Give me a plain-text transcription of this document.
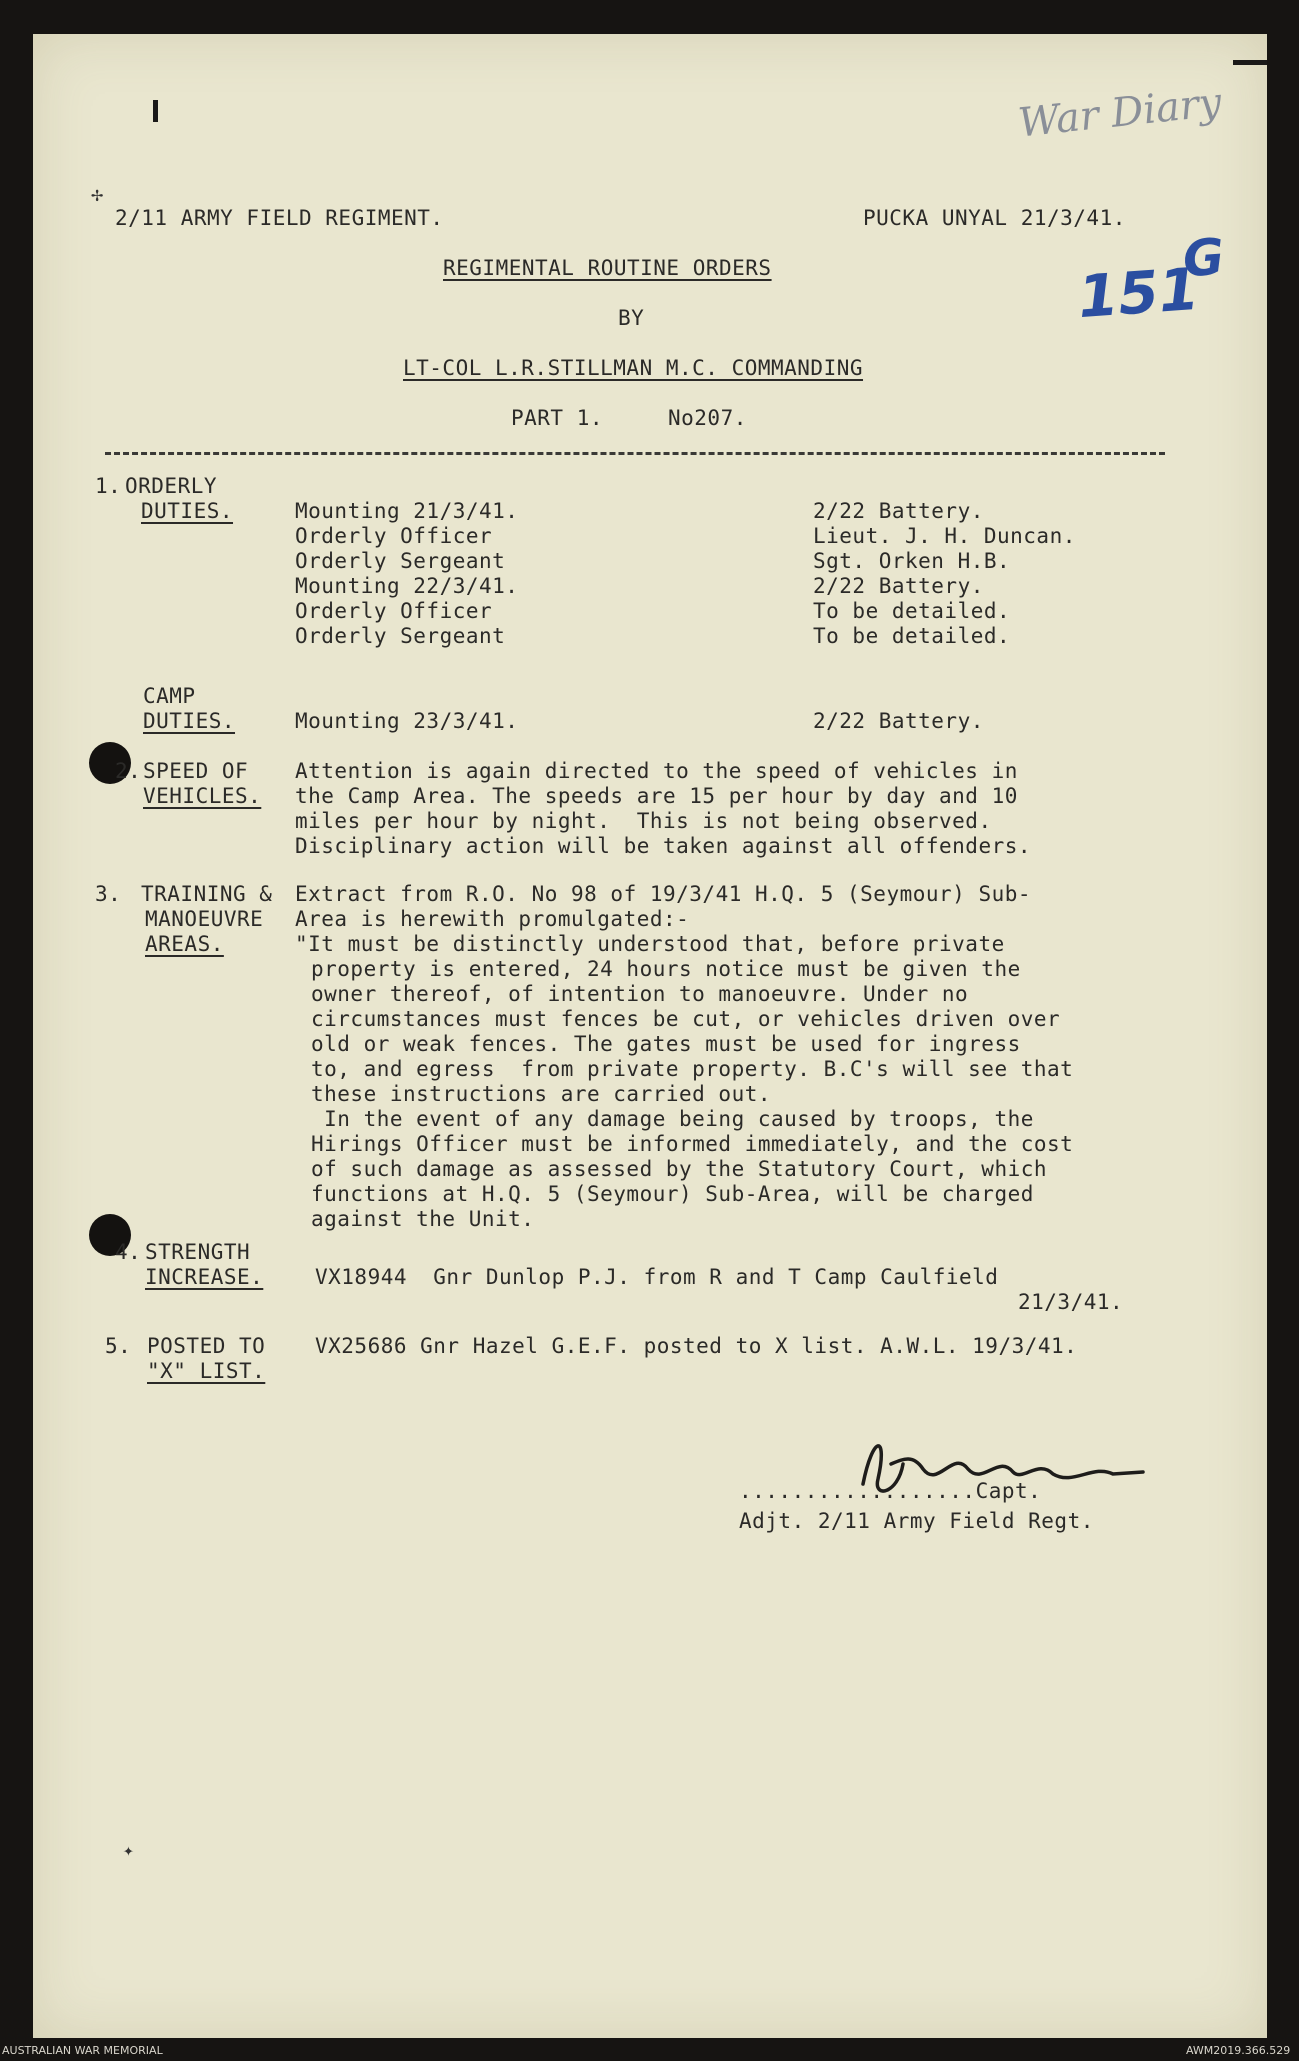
War Diary
151
G
✢
✦
2/11 ARMY FIELD REGIMENT.	PUCKA UNYAL 21/3/41.
REGIMENTAL ROUTINE ORDERS
BY
LT-COL L.R.STILLMAN M.C. COMMANDING
PART 1.	No207.
1. ORDERLY
DUTIES.	Mounting 21/3/41.	2/22 Battery.
Orderly Officer	Lieut. J. H. Duncan.
Orderly Sergeant	Sgt. Orken H.B.
Mounting 22/3/41.	2/22 Battery.
Orderly Officer	To be detailed.
Orderly Sergeant	To be detailed.
CAMP
DUTIES.	Mounting 23/3/41.	2/22 Battery.
2. SPEED OF
VEHICLES.
Attention is again directed to the speed of vehicles in
the Camp Area. The speeds are 15 per hour by day and 10
miles per hour by night.  This is not being observed.
Disciplinary action will be taken against all offenders.
3. TRAINING &
MANOEUVRE
AREAS.
Extract from R.O. No 98 of 19/3/41 H.Q. 5 (Seymour) Sub-
Area is herewith promulgated:-
"It must be distinctly understood that, before private
property is entered, 24 hours notice must be given the
owner thereof, of intention to manoeuvre. Under no
circumstances must fences be cut, or vehicles driven over
old or weak fences. The gates must be used for ingress
to, and egress  from private property. B.C's will see that
these instructions are carried out.
In the event of any damage being caused by troops, the
Hirings Officer must be informed immediately, and the cost
of such damage as assessed by the Statutory Court, which
functions at H.Q. 5 (Seymour) Sub-Area, will be charged
against the Unit.
4. STRENGTH
INCREASE. VX18944  Gnr Dunlop P.J. from R and T Camp Caulfield
21/3/41.
5. POSTED TO
"X" LIST.
VX25686 Gnr Hazel G.E.F. posted to X list. A.W.L. 19/3/41.
..................Capt.
Adjt. 2/11 Army Field Regt.
AUSTRALIAN WAR MEMORIAL	AWM2019.366.529
